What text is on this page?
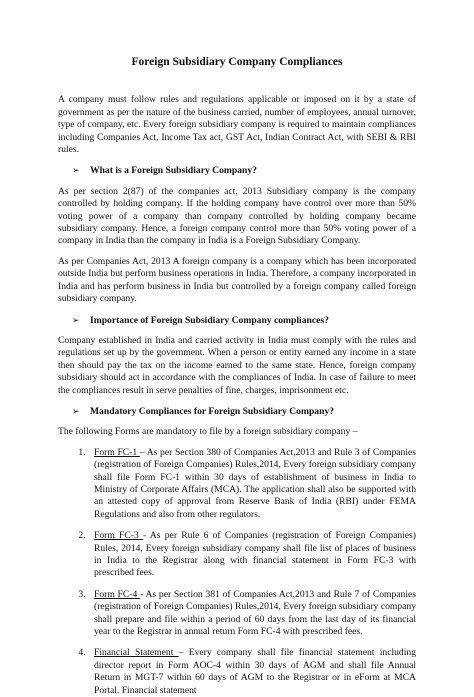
Foreign Subsidiary Company Compliances

A company must follow rules and regulations applicable or imposed on it by a state of government as per the nature of the business carried, number of employees, annual turnover, type of company, etc. Every foreign subsidiary company is required to maintain compliances including Companies Act, Income Tax act, GST Act, Indian Contract Act, with SEBI & RBI rules.

➢	What is a Foreign Subsidiary Company?

As per section 2(87) of the companies act, 2013 Subsidiary company is the company controlled by holding company. If the holding company have control over more than 50% voting power of a company than company controlled by holding company became subsidiary company. Hence, a foreign company control more than 50% voting power of a company in India than the company in India is a Foreign Subsidiary Company.

As per Companies Act, 2013 A foreign company is a company which has been incorporated outside India but perform business operations in India. Therefore, a company incorporated in India and has perform business in India but controlled by a foreign company called foreign subsidiary company.

➢	Importance of Foreign Subsidiary Company compliances?

Company established in India and carried activity in India must comply with the rules and regulations set up by the government. When a person or entity earned any income in a state then should pay the tax on the income earned to the same state. Hence, foreign company subsidiary should act in accordance with the compliances of India. In case of failure to meet the compliances result in serve penalties of fine, charges, imprisonment etc.

➢	Mandatory Compliances for Foreign Subsidiary Company?

The following Forms are mandatory to file by a foreign subsidiary company –

1. Form FC-1 – As per Section 380 of Companies Act,2013 and Rule 3 of Companies (registration of Foreign Companies) Rules,2014, Every foreign subsidiary company shall file Form FC-1 within 30 days of establishment of business in India to Ministry of Corporate Affairs (MCA). The application shall also be supported with an attested copy of approval from Reserve Bank of India (RBI) under FEMA Regulations and also from other regulators.
2. Form FC-3 - As per Rule 6 of Companies (registration of Foreign Companies) Rules, 2014, Every foreign subsidiary company shall file list of places of business in India to the Registrar along with financial statement in Form FC-3 with prescribed fees.
3. Form FC-4 - As per Section 381 of Companies Act,2013 and Rule 7 of Companies (registration of Foreign Companies) Rules,2014, Every foreign subsidiary company shall prepare and file within a period of 60 days from the last day of its financial year to the Registrar in annual return Form FC-4 with prescribed fees.
4. Financial Statement – Every company shall file financial statement including director report in Form AOC-4 within 30 days of AGM and shall file Annual Return in MGT-7 within 60 days of AGM to the Registrar or in eForm at MCA Portal. Financial statement
